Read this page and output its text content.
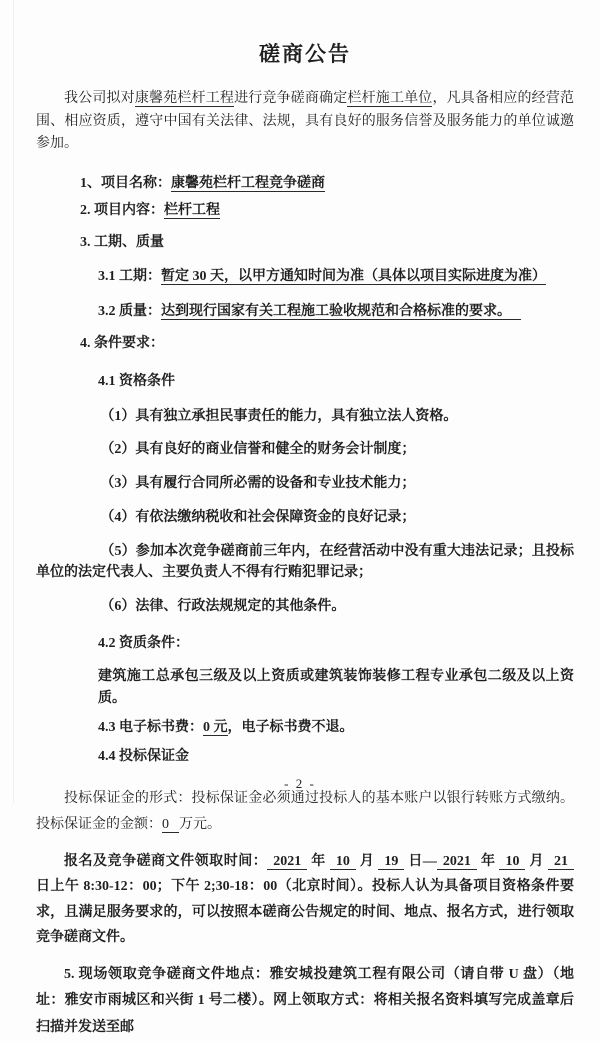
磋商公告

我公司拟对康馨苑栏杆工程进行竞争磋商确定栏杆施工单位，凡具备相应的经营范围、相应资质，遵守中国有关法律、法规，具有良好的服务信誉及服务能力的单位诚邀参加。

1、项目名称：康馨苑栏杆工程竞争磋商

2. 项目内容：栏杆工程

3. 工期、质量

3.1 工期：暂定 30 天，以甲方通知时间为准（具体以项目实际进度为准）

3.2 质量：达到现行国家有关工程施工验收规范和合格标准的要求。

4. 条件要求：

4.1 资格条件

（1）具有独立承担民事责任的能力，具有独立法人资格。

（2）具有良好的商业信誉和健全的财务会计制度；

（3）具有履行合同所必需的设备和专业技术能力；

（4）有依法缴纳税收和社会保障资金的良好记录；

（5）参加本次竞争磋商前三年内，在经营活动中没有重大违法记录；且投标单位的法定代表人、主要负责人不得有行贿犯罪记录；

（6）法律、行政法规规定的其他条件。

4.2 资质条件：

建筑施工总承包三级及以上资质或建筑装饰装修工程专业承包二级及以上资质。

4.3 电子标书费：0 元，电子标书费不退。

4.4 投标保证金

投标保证金的形式：投标保证金必须通过投标人的基本账户以银行转账方式缴纳。投标保证金的金额：0 万元。

报名及竞争磋商文件领取时间： 2021 年 10 月 19 日— 2021 年 10 月 21 日上午 8:30-12：00；下午 2;30-18：00（北京时间）。投标人认为具备项目资格条件要求，且满足服务要求的，可以按照本磋商公告规定的时间、地点、报名方式，进行领取竞争磋商文件。

5. 现场领取竞争磋商文件地点：雅安城投建筑工程有限公司（请自带 U 盘）（地址：雅安市雨城区和兴街 1 号二楼）。网上领取方式：将相关报名资料填写完成盖章后扫描并发送至邮

- 2 -
